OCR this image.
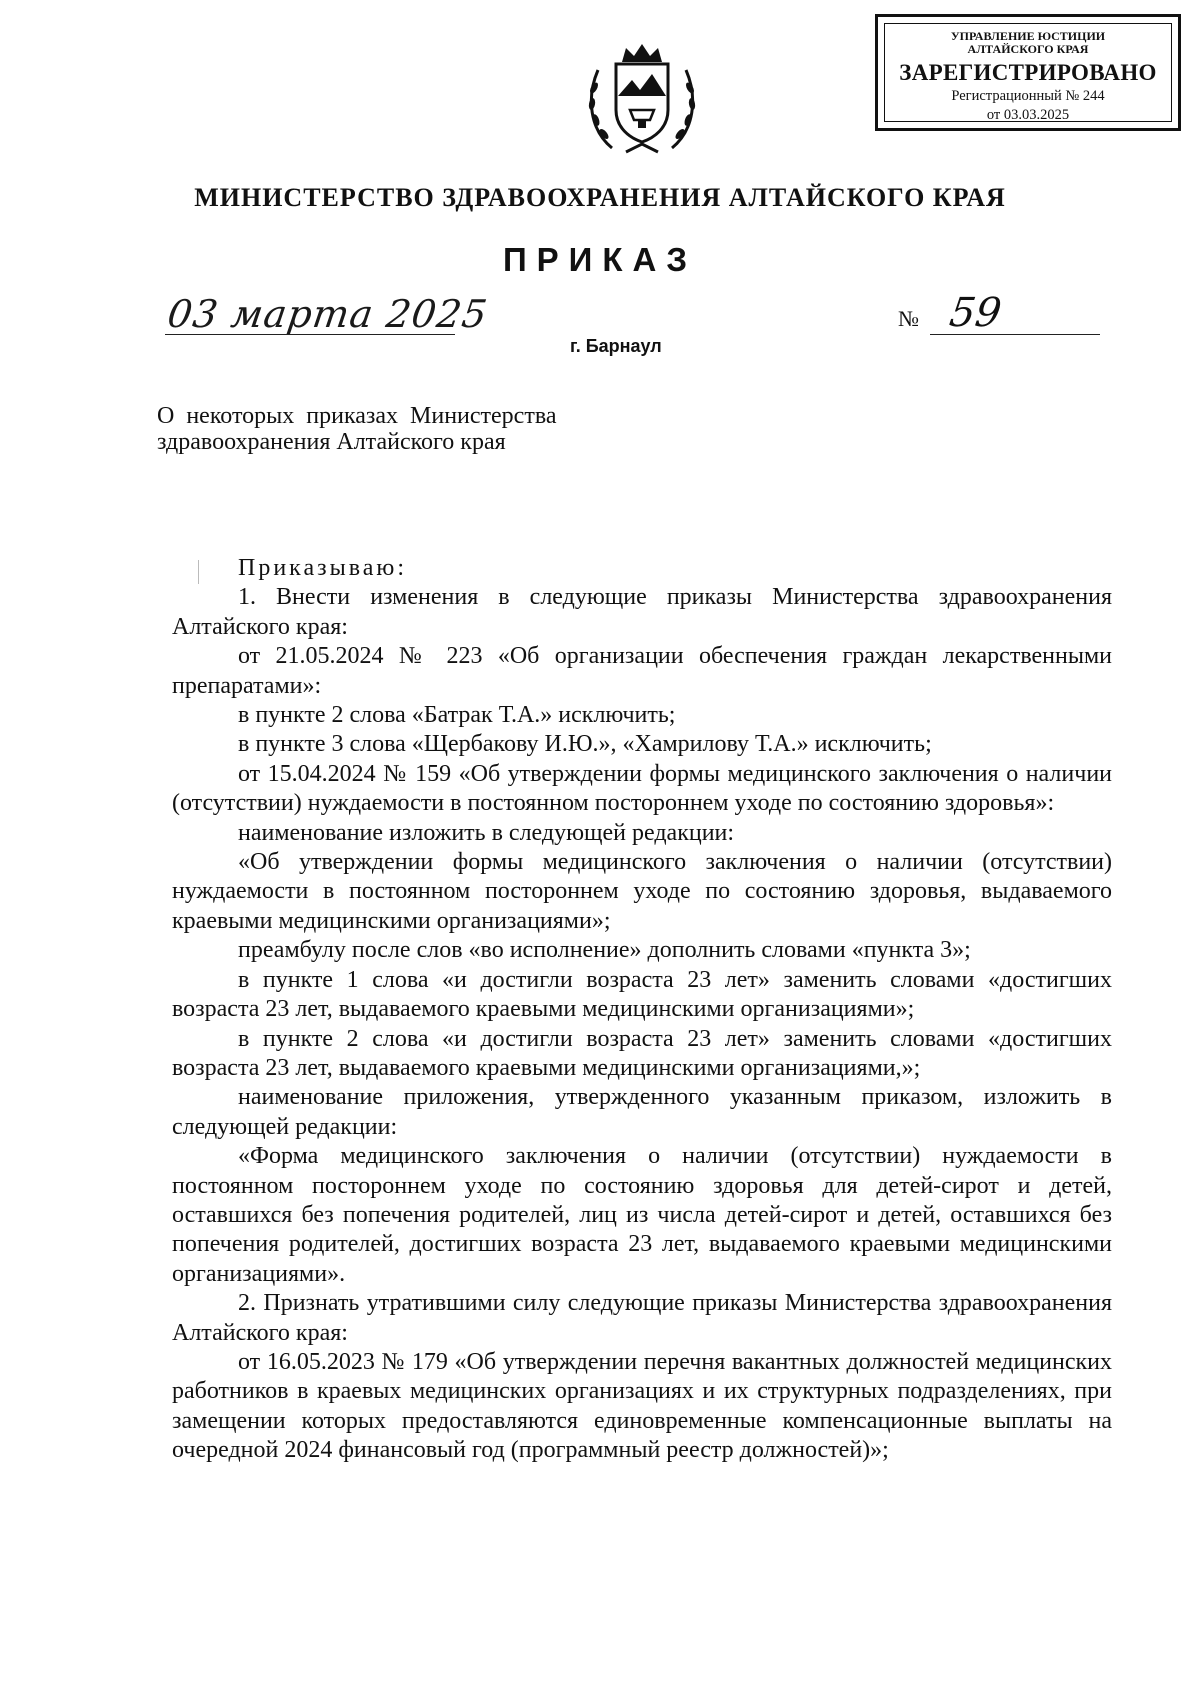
УПРАВЛЕНИЕ ЮСТИЦИИ
АЛТАЙСКОГО КРАЯ
ЗАРЕГИСТРИРОВАНО
Регистрационный № 244
от 03.03.2025
МИНИСТЕРСТВО ЗДРАВООХРАНЕНИЯ АЛТАЙСКОГО КРАЯ
ПРИКАЗ
03 марта 2025	№ 59
г. Барнаул
О  некоторых  приказах  Министерства
здравоохранения Алтайского края

Приказываю:

1. Внести изменения в следующие приказы Министерства здравоохранения Алтайского края:

от 21.05.2024 № 223 «Об организации обеспечения граждан лекарственными препаратами»:

в пункте 2 слова «Батрак Т.А.» исключить;

в пункте 3 слова «Щербакову И.Ю.», «Хамрилову Т.А.» исключить;

от 15.04.2024 № 159 «Об утверждении формы медицинского заключения о наличии (отсутствии) нуждаемости в постоянном постороннем уходе по состоянию здоровья»:

наименование изложить в следующей редакции:

«Об утверждении формы медицинского заключения о наличии (отсутствии) нуждаемости в постоянном постороннем уходе по состоянию здоровья, выдаваемого краевыми медицинскими организациями»;

преамбулу после слов «во исполнение» дополнить словами «пункта 3»;

в пункте 1 слова «и достигли возраста 23 лет» заменить словами «достигших возраста 23 лет, выдаваемого краевыми медицинскими организациями»;

в пункте 2 слова «и достигли возраста 23 лет» заменить словами «достигших возраста 23 лет, выдаваемого краевыми медицинскими организациями,»;

наименование приложения, утвержденного указанным приказом, изложить в следующей редакции:

«Форма медицинского заключения о наличии (отсутствии) нуждаемости в постоянном постороннем уходе по состоянию здоровья для детей-сирот и детей, оставшихся без попечения родителей, лиц из числа детей-сирот и детей, оставшихся без попечения родителей, достигших возраста 23 лет, выдаваемого краевыми медицинскими организациями».

2. Признать утратившими силу следующие приказы Министерства здравоохранения Алтайского края:

от 16.05.2023 № 179 «Об утверждении перечня вакантных должностей медицинских работников в краевых медицинских организациях и их структурных подразделениях, при замещении которых предоставляются единовременные компенсационные выплаты на очередной 2024 финансовый год (программный реестр должностей)»;
